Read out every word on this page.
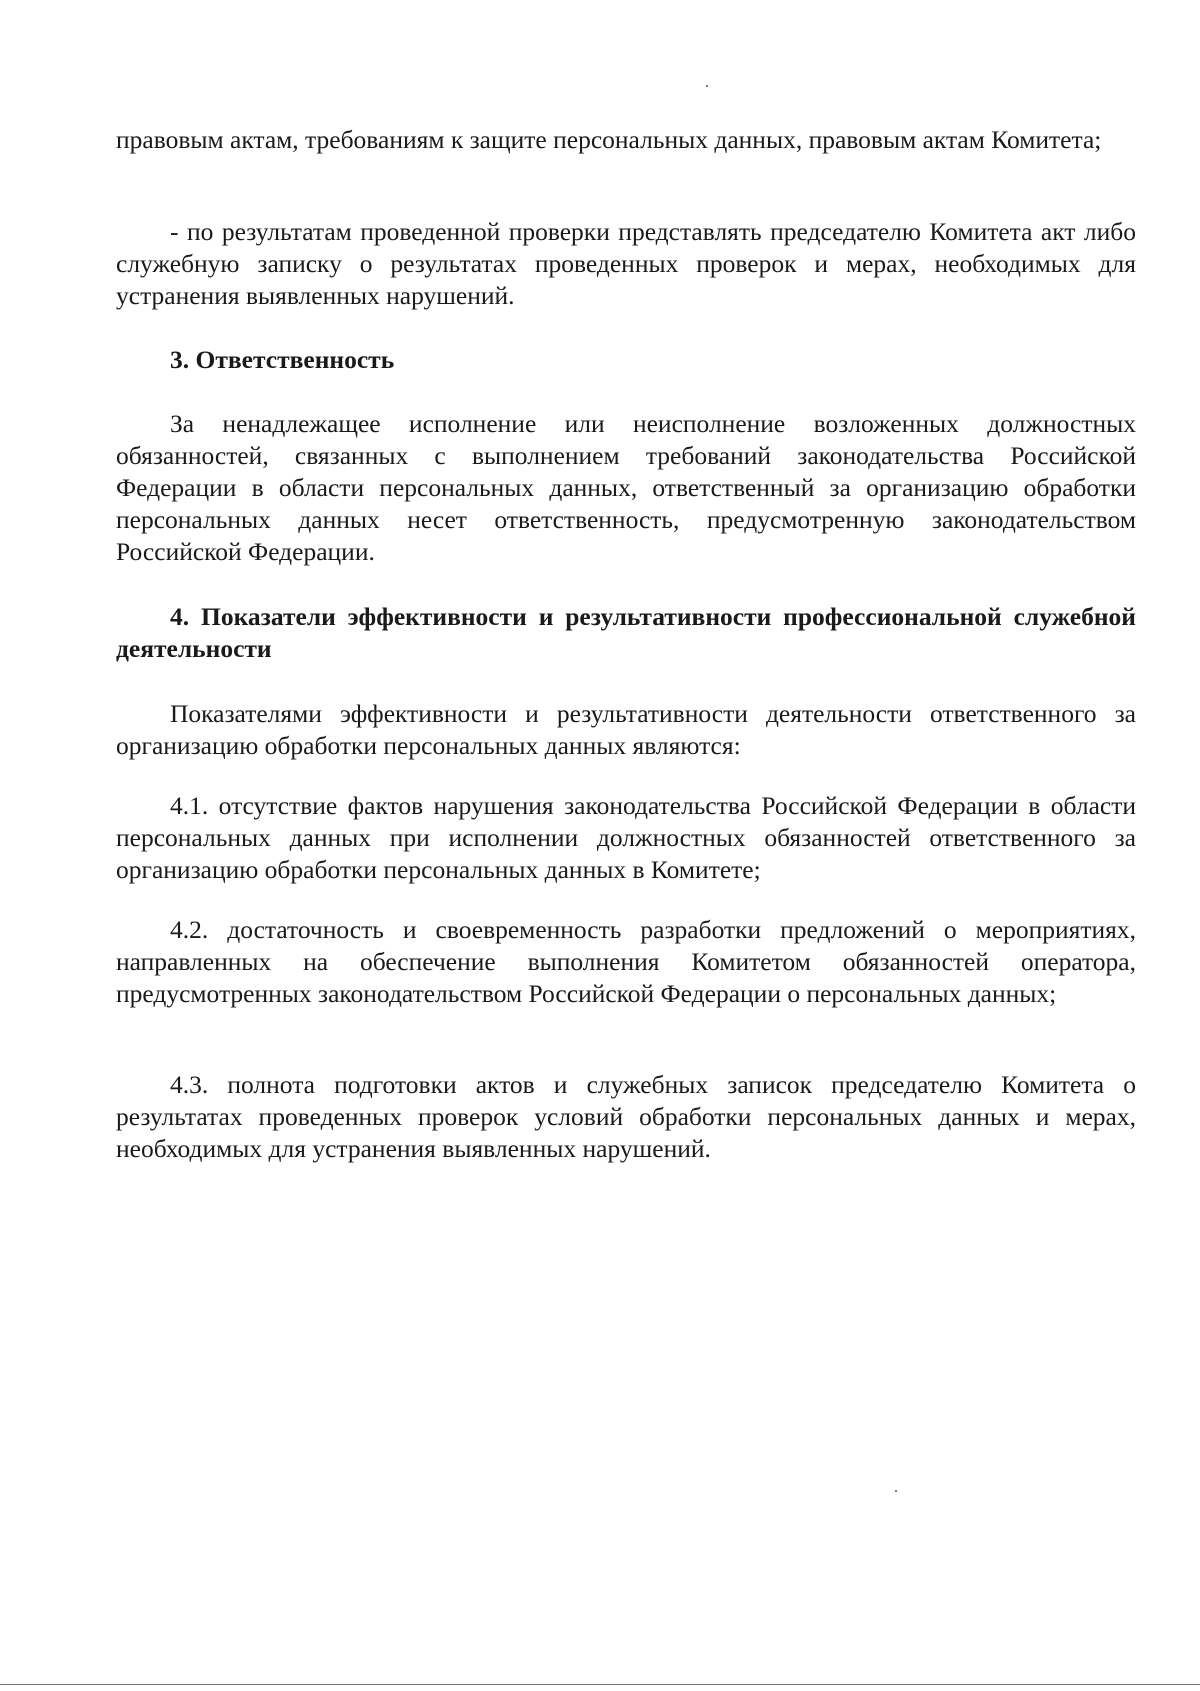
правовым актам, требованиям к защите персональных данных, правовым актам Комитета;

- по результатам проведенной проверки представлять председателю Комитета акт либо служебную записку о результатах проведенных проверок и мерах, необходимых для устранения выявленных нарушений.

3. Ответственность

За ненадлежащее исполнение или неисполнение возложенных должностных обязанностей, связанных с выполнением требований законодательства Российской Федерации в области персональных данных, ответственный за организацию обработки персональных данных несет ответственность, предусмотренную законодательством Российской Федерации.

4. Показатели эффективности и результативности профессиональной служебной деятельности

Показателями эффективности и результативности деятельности ответственного за организацию обработки персональных данных являются:

4.1. отсутствие фактов нарушения законодательства Российской Федерации в области персональных данных при исполнении должностных обязанностей ответственного за организацию обработки персональных данных в Комитете;

4.2. достаточность и своевременность разработки предложений о мероприятиях, направленных на обеспечение выполнения Комитетом обязанностей оператора, предусмотренных законодательством Российской Федерации о персональных данных;

4.3. полнота подготовки актов и служебных записок председателю Комитета о результатах проведенных проверок условий обработки персональных данных и мерах, необходимых для устранения выявленных нарушений.
